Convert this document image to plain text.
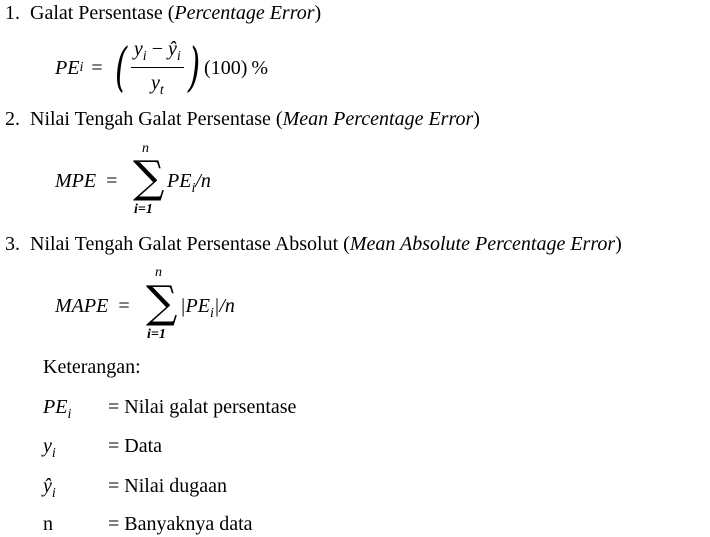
1. Galat Persentase (Percentage Error)
PE i = ( $\frac{y_i - ŷ_i}{y_t}$ ) (100) %
2. Nilai Tengah Galat Persentase (Mean Percentage Error)
MPE =
n
∑
i=1
$PE_i/n$
3. Nilai Tengah Galat Persentase Absolut (Mean Absolute Percentage Error)
MAPE =
n
∑
i=1
$|PE_i|/n$
Keterangan:
$PE_i$ = Nilai galat persentase
$y_i$	= Data
$ŷ_i$	= Nilai dugaan
n	= Banyaknya data
